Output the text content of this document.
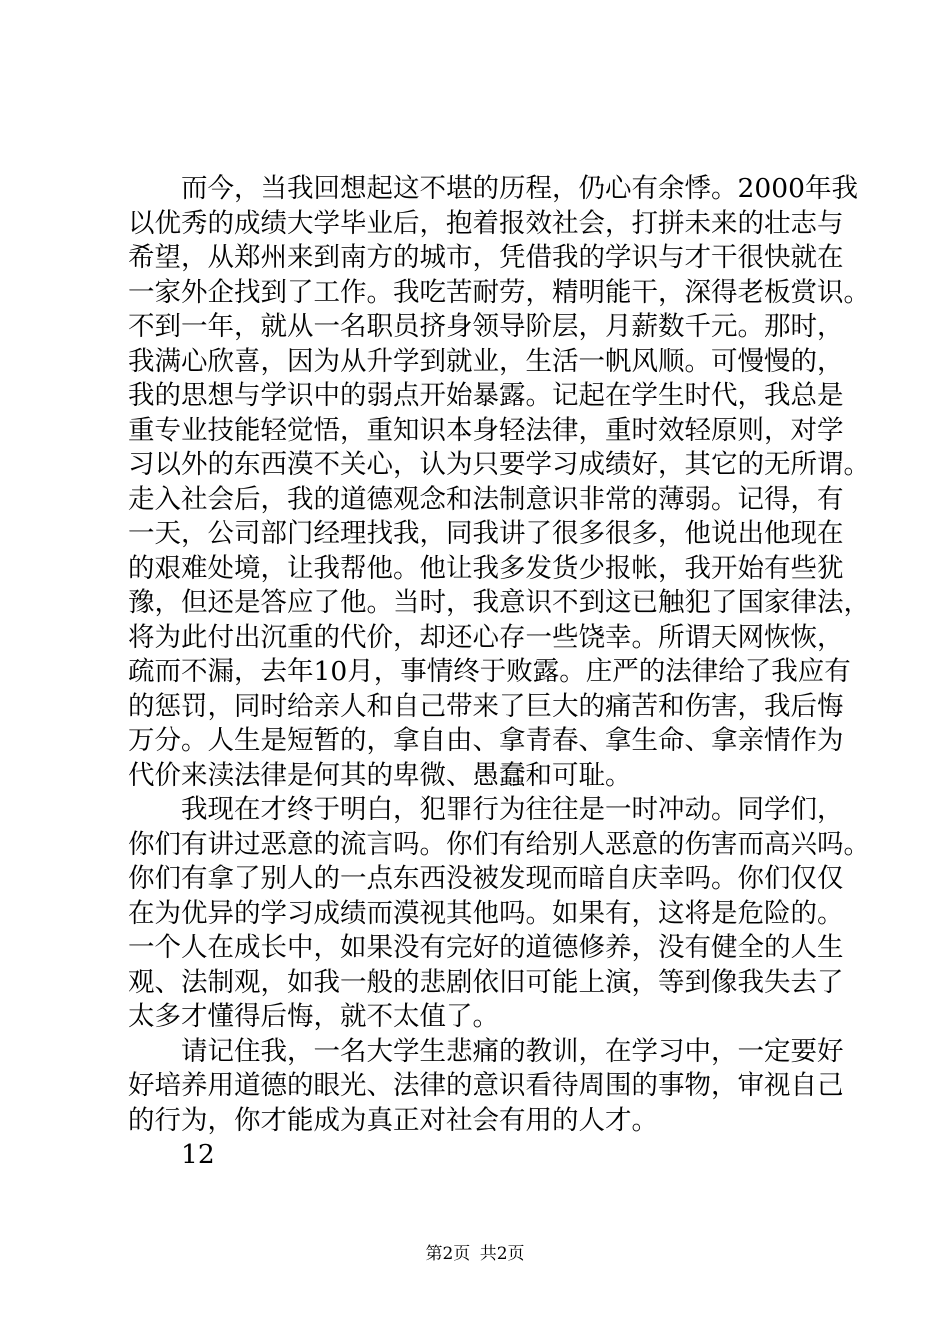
而今，当我回想起这不堪的历程，仍心有余悸。2000年我
以优秀的成绩大学毕业后，抱着报效社会，打拼未来的壮志与
希望，从郑州来到南方的城市，凭借我的学识与才干很快就在
一家外企找到了工作。我吃苦耐劳，精明能干，深得老板赏识。
不到一年，就从一名职员挤身领导阶层，月薪数千元。那时，
我满心欣喜，因为从升学到就业，生活一帆风顺。可慢慢的，
我的思想与学识中的弱点开始暴露。记起在学生时代，我总是
重专业技能轻觉悟，重知识本身轻法律，重时效轻原则，对学
习以外的东西漠不关心，认为只要学习成绩好，其它的无所谓。
走入社会后，我的道德观念和法制意识非常的薄弱。记得，有
一天，公司部门经理找我，同我讲了很多很多，他说出他现在
的艰难处境，让我帮他。他让我多发货少报帐，我开始有些犹
豫，但还是答应了他。当时，我意识不到这已触犯了国家律法，
将为此付出沉重的代价，却还心存一些饶幸。所谓天网恢恢，
疏而不漏，去年10月，事情终于败露。庄严的法律给了我应有
的惩罚，同时给亲人和自己带来了巨大的痛苦和伤害，我后悔
万分。人生是短暂的，拿自由、拿青春、拿生命、拿亲情作为
代价来渎法律是何其的卑微、愚蠢和可耻。
我现在才终于明白，犯罪行为往往是一时冲动。同学们，
你们有讲过恶意的流言吗。你们有给别人恶意的伤害而高兴吗。
你们有拿了别人的一点东西没被发现而暗自庆幸吗。你们仅仅
在为优异的学习成绩而漠视其他吗。如果有，这将是危险的。
一个人在成长中，如果没有完好的道德修养，没有健全的人生
观、法制观，如我一般的悲剧依旧可能上演，等到像我失去了
太多才懂得后悔，就不太值了。
请记住我，一名大学生悲痛的教训，在学习中，一定要好
好培养用道德的眼光、法律的意识看待周围的事物，审视自己
的行为，你才能成为真正对社会有用的人才。
12
第2页 共2页
